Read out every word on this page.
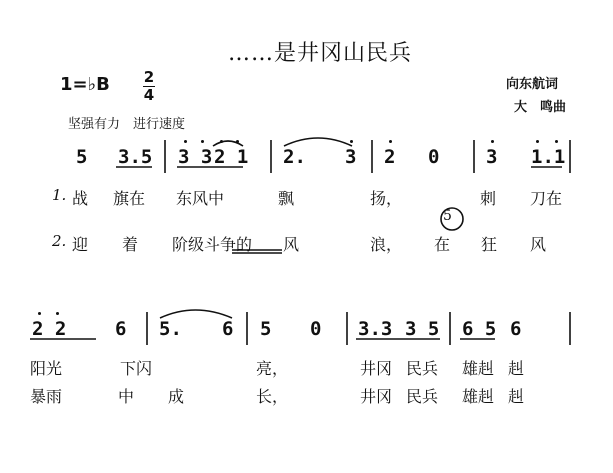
……是井冈山民兵
1=♭B 2
4
向东航词
大　鸣曲
坚强有力　进行速度
5 3.5 3 3 2 1 2. 3 2 0 3 1.1
1. 战 旗在 东风中	飘	扬，	刺 刀在
5
2. 迎 着 阶级斗争的 风	浪， 在 狂 风
2 2	6 5. 6 5 0 3.3 3 5 6 5 6
阳光	下闪	亮，	井冈 民兵 雄赳 赳
暴雨	中 成	长，	井冈 民兵 雄赳 赳
